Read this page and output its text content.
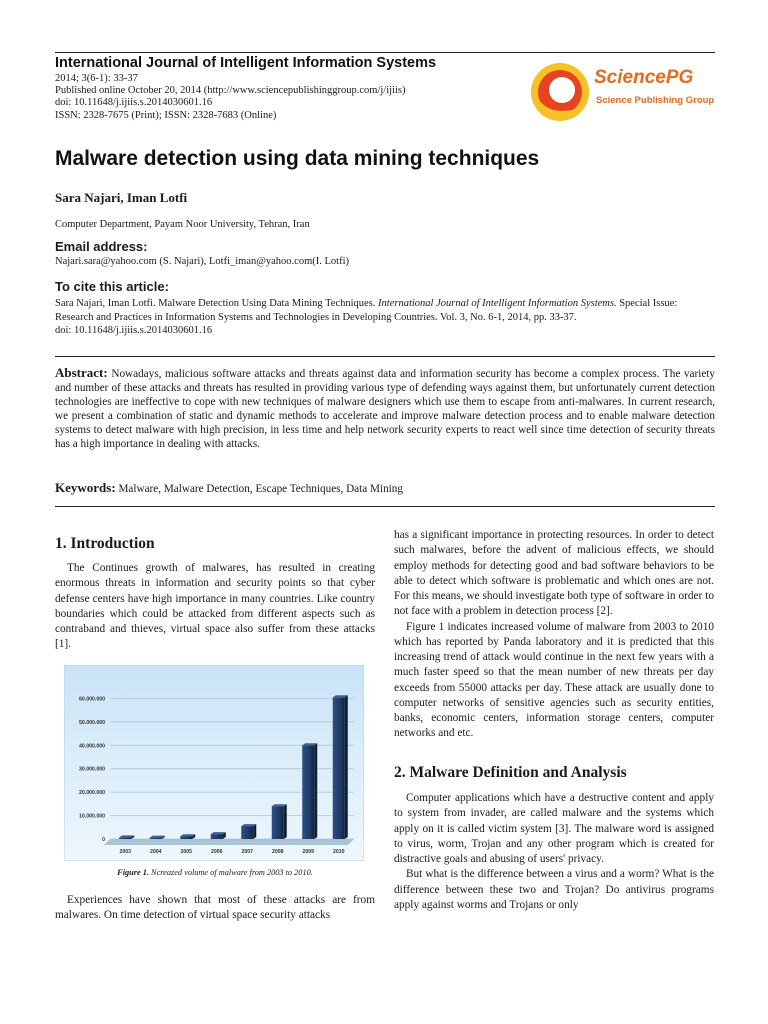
International Journal of Intelligent Information Systems
2014; 3(6-1): 33-37
Published online October 20, 2014 (http://www.sciencepublishinggroup.com/j/ijiis)
doi: 10.11648/j.ijiis.s.2014030601.16
ISSN: 2328-7675 (Print); ISSN: 2328-7683 (Online)
SciencePG
Science Publishing Group
Malware detection using data mining techniques
Sara Najari, Iman Lotfi
Computer Department, Payam Noor University, Tehran, Iran
Email address:
Najari.sara@yahoo.com (S. Najari), Lotfi_iman@yahoo.com(I. Lotfi)
To cite this article:
Sara Najari, Iman Lotfi. Malware Detection Using Data Mining Techniques. International Journal of Intelligent Information Systems. Special Issue: Research and Practices in Information Systems and Technologies in Developing Countries. Vol. 3, No. 6-1, 2014, pp. 33-37.
doi: 10.11648/j.ijiis.s.2014030601.16
Abstract: Nowadays, malicious software attacks and threats against data and information security has become a complex process. The variety and number of these attacks and threats has resulted in providing various type of defending ways against them, but unfortunately current detection technologies are ineffective to cope with new techniques of malware designers which use them to escape from anti-malwares. In current research, we present a combination of static and dynamic methods to accelerate and improve malware detection process and to enable malware detection systems to detect malware with high precision, in less time and help network security experts to react well since time detection of security threats has a high importance in dealing with attacks.
Keywords: Malware, Malware Detection, Escape Techniques, Data Mining
1. Introduction

The Continues growth of malwares, has resulted in creating enormous threats in information and security points so that cyber defense centers have high importance in many countries. Like country boundaries which could be attacked from different aspects such as contraband and thieves, virtual space also suffer from these attacks [1].

0
10.000.000
20.000.000
30.000.000
40.000.000
50.000.000
60.000.000
2003	2004	2005	2006	2007	2008	2009	2010
Figure 1. Ncreazed volume of malware from 2003 to 2010.

Experiences have shown that most of these attacks are from malwares. On time detection of virtual space security attacks

has a significant importance in protecting resources. In order to detect such malwares, before the advent of malicious effects, we should employ methods for detecting good and bad software behaviors to be able to detect which software is problematic and which ones are not. For this means, we should investigate both type of software in order to not face with a problem in detection process [2].

Figure 1 indicates increased volume of malware from 2003 to 2010 which has reported by Panda laboratory and it is predicted that this increasing trend of attack would continue in the next few years with a much faster speed so that the mean number of new threats per day exceeds from 55000 attacks per day. These attack are usually done to computer networks of sensitive agencies such as security entities, banks, economic centers, information storage centers, computer networks and etc.

2. Malware Definition and Analysis

Computer applications which have a destructive content and apply to system from invader, are called malware and the systems which apply on it is called victim system [3]. The malware word is assigned to virus, worm, Trojan and any other program which is created for distractive goals and abusing of users' privacy.

But what is the difference between a virus and a worm? What is the difference between these two and Trojan? Do antivirus programs apply against worms and Trojans or only
